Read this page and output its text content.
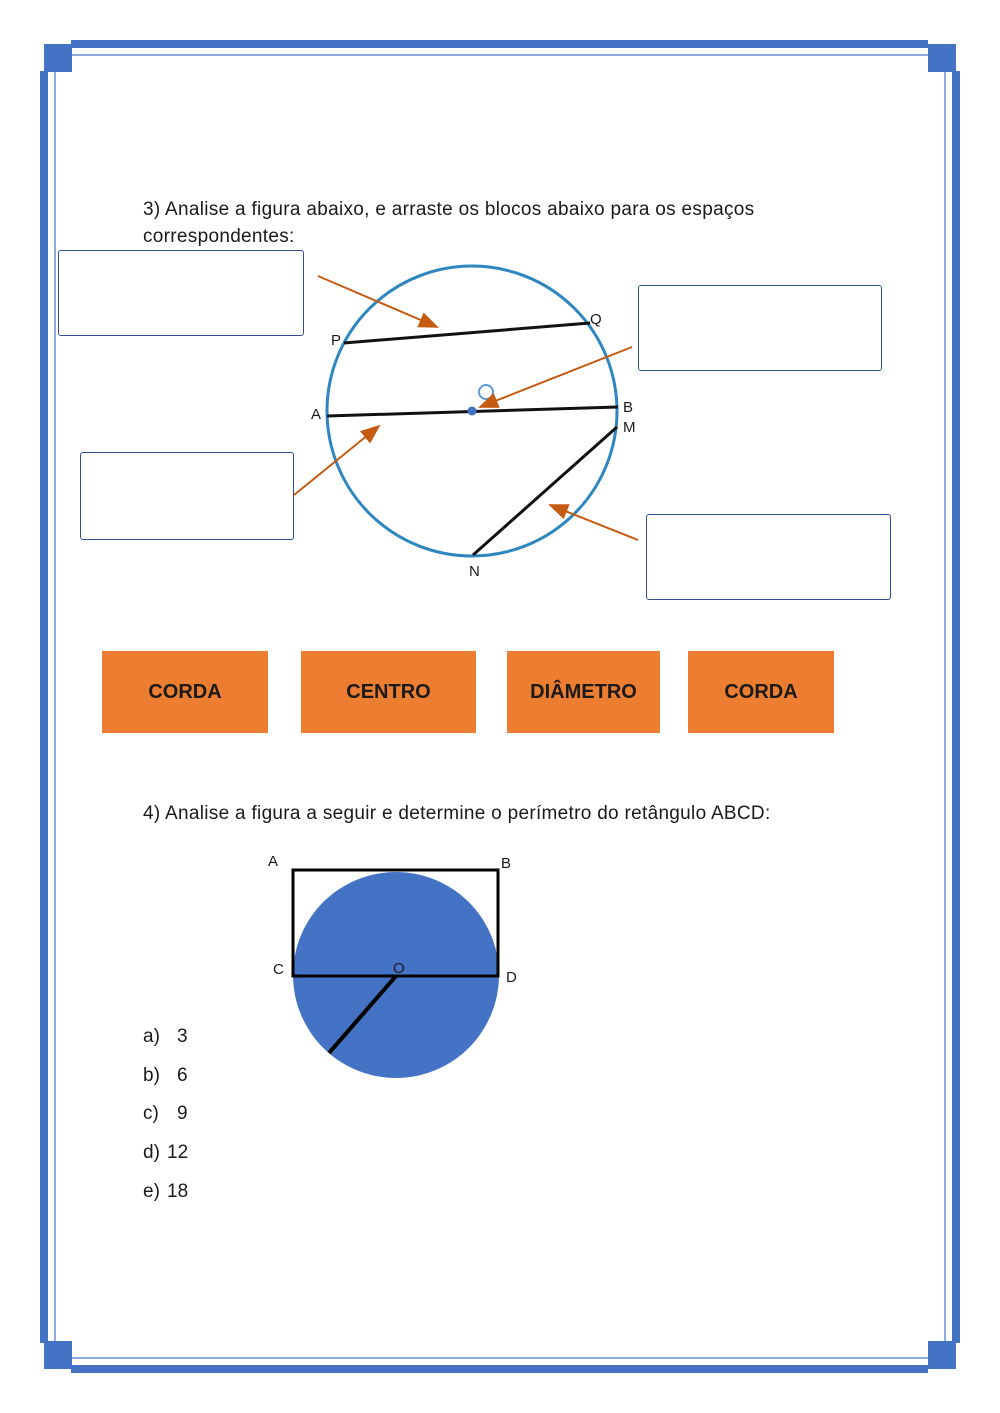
3) Analise a figura abaixo, e arraste os blocos abaixo para os espaços correspondentes:

P
Q
A	B
M
N
CORDA	CENTRO	DIÂMETRO	CORDA

4) Analise a figura a seguir e determine o perímetro do retângulo ABCD:

A	B
C	D
O
a) 3
b) 6
c) 9
d) 12
e) 18
